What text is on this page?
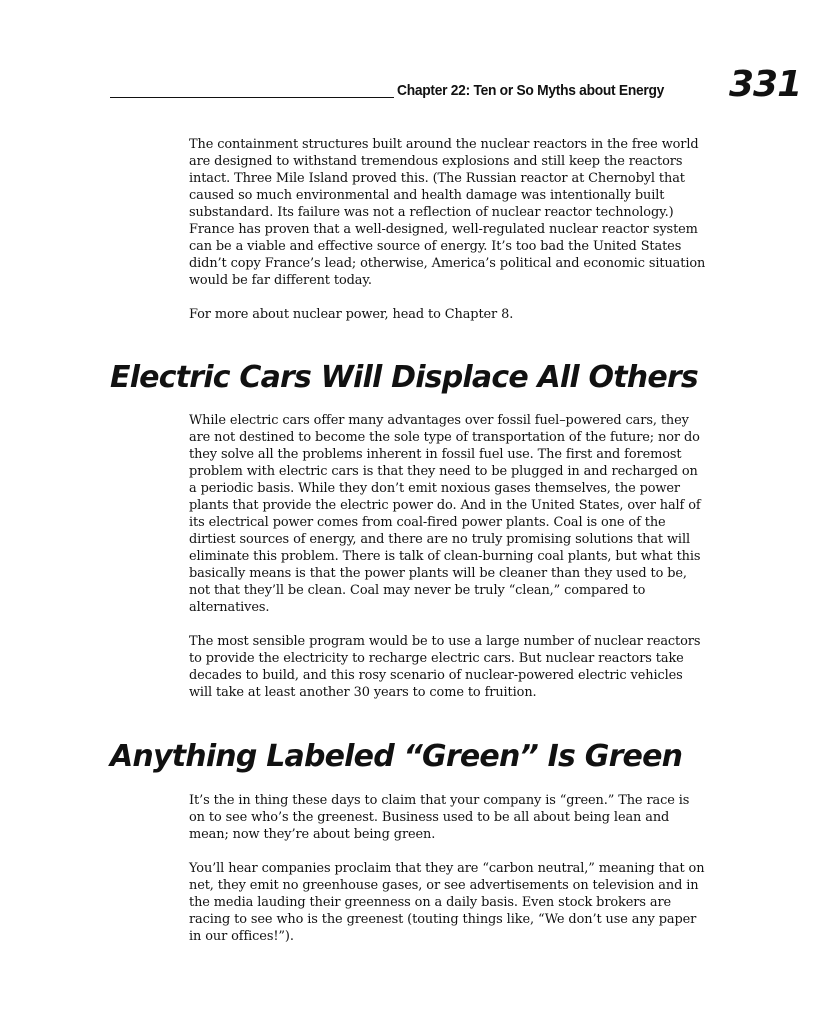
Chapter 22: Ten or So Myths about Energy 331

The containment structures built around the nuclear reactors in the free world are designed to withstand tremendous explosions and still keep the reactors intact. Three Mile Island proved this. (The Russian reactor at Chernobyl that caused so much environmental and health damage was intentionally built substandard. Its failure was not a reflection of nuclear reactor technology.) France has proven that a well-designed, well-regulated nuclear reactor system can be a viable and effective source of energy. It’s too bad the United States didn’t copy France’s lead; otherwise, America’s political and economic situation would be far different today.

For more about nuclear power, head to Chapter 8.

Electric Cars Will Displace All Others

While electric cars offer many advantages over fossil fuel–powered cars, they are not destined to become the sole type of transportation of the future; nor do they solve all the problems inherent in fossil fuel use. The first and foremost problem with electric cars is that they need to be plugged in and recharged on a periodic basis. While they don’t emit noxious gases themselves, the power plants that provide the electric power do. And in the United States, over half of its electrical power comes from coal-fired power plants. Coal is one of the dirtiest sources of energy, and there are no truly promising solutions that will eliminate this problem. There is talk of clean-burning coal plants, but what this basically means is that the power plants will be cleaner than they used to be, not that they’ll be clean. Coal may never be truly “clean,” compared to alternatives.

The most sensible program would be to use a large number of nuclear reactors to provide the electricity to recharge electric cars. But nuclear reactors take decades to build, and this rosy scenario of nuclear-powered electric vehicles will take at least another 30 years to come to fruition.

Anything Labeled “Green” Is Green

It’s the in thing these days to claim that your company is “green.” The race is on to see who’s the greenest. Business used to be all about being lean and mean; now they’re about being green.

You’ll hear companies proclaim that they are “carbon neutral,” meaning that on net, they emit no greenhouse gases, or see advertisements on television and in the media lauding their greenness on a daily basis. Even stock brokers are racing to see who is the greenest (touting things like, “We don’t use any paper in our offices!”).
